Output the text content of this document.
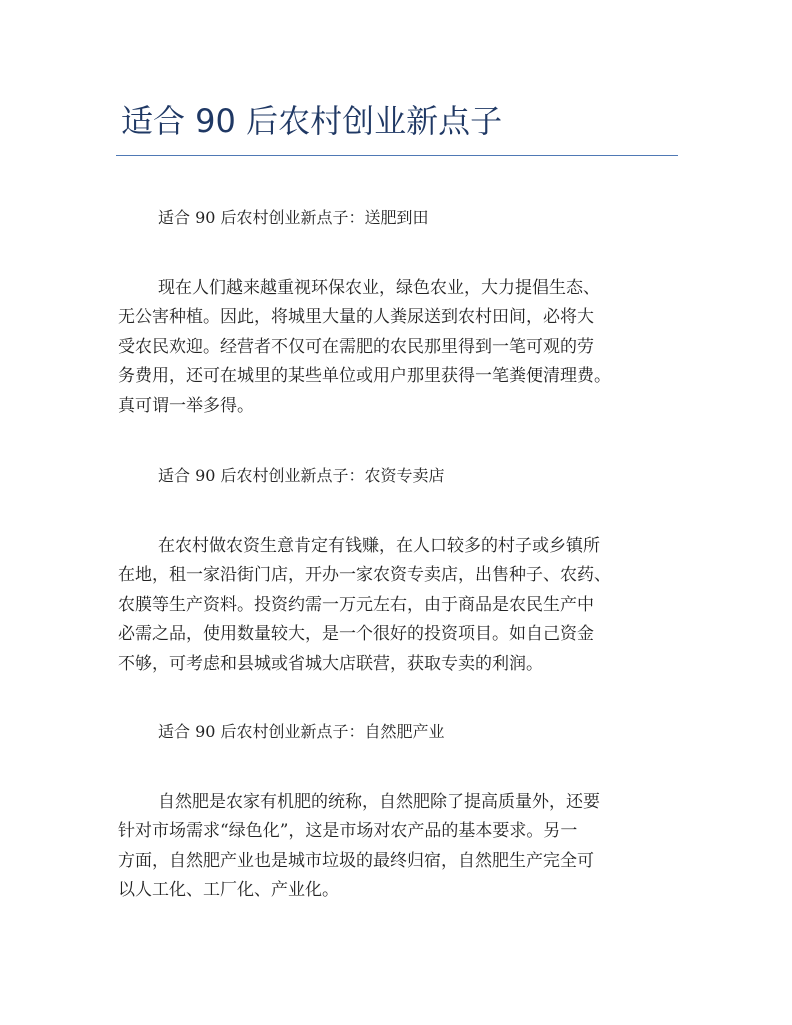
适合 90 后农村创业新点子

适合 90 后农村创业新点子：送肥到田

现在人们越来越重视环保农业，绿色农业，大力提倡生态、
无公害种植。因此，将城里大量的人粪尿送到农村田间，必将大
受农民欢迎。经营者不仅可在需肥的农民那里得到一笔可观的劳
务费用，还可在城里的某些单位或用户那里获得一笔粪便清理费。
真可谓一举多得。

适合 90 后农村创业新点子：农资专卖店

在农村做农资生意肯定有钱赚，在人口较多的村子或乡镇所
在地，租一家沿街门店，开办一家农资专卖店，出售种子、农药、
农膜等生产资料。投资约需一万元左右，由于商品是农民生产中
必需之品，使用数量较大，是一个很好的投资项目。如自己资金
不够，可考虑和县城或省城大店联营，获取专卖的利润。

适合 90 后农村创业新点子：自然肥产业

自然肥是农家有机肥的统称，自然肥除了提高质量外，还要
针对市场需求“绿色化”，这是市场对农产品的基本要求。另一
方面，自然肥产业也是城市垃圾的最终归宿，自然肥生产完全可
以人工化、工厂化、产业化。
